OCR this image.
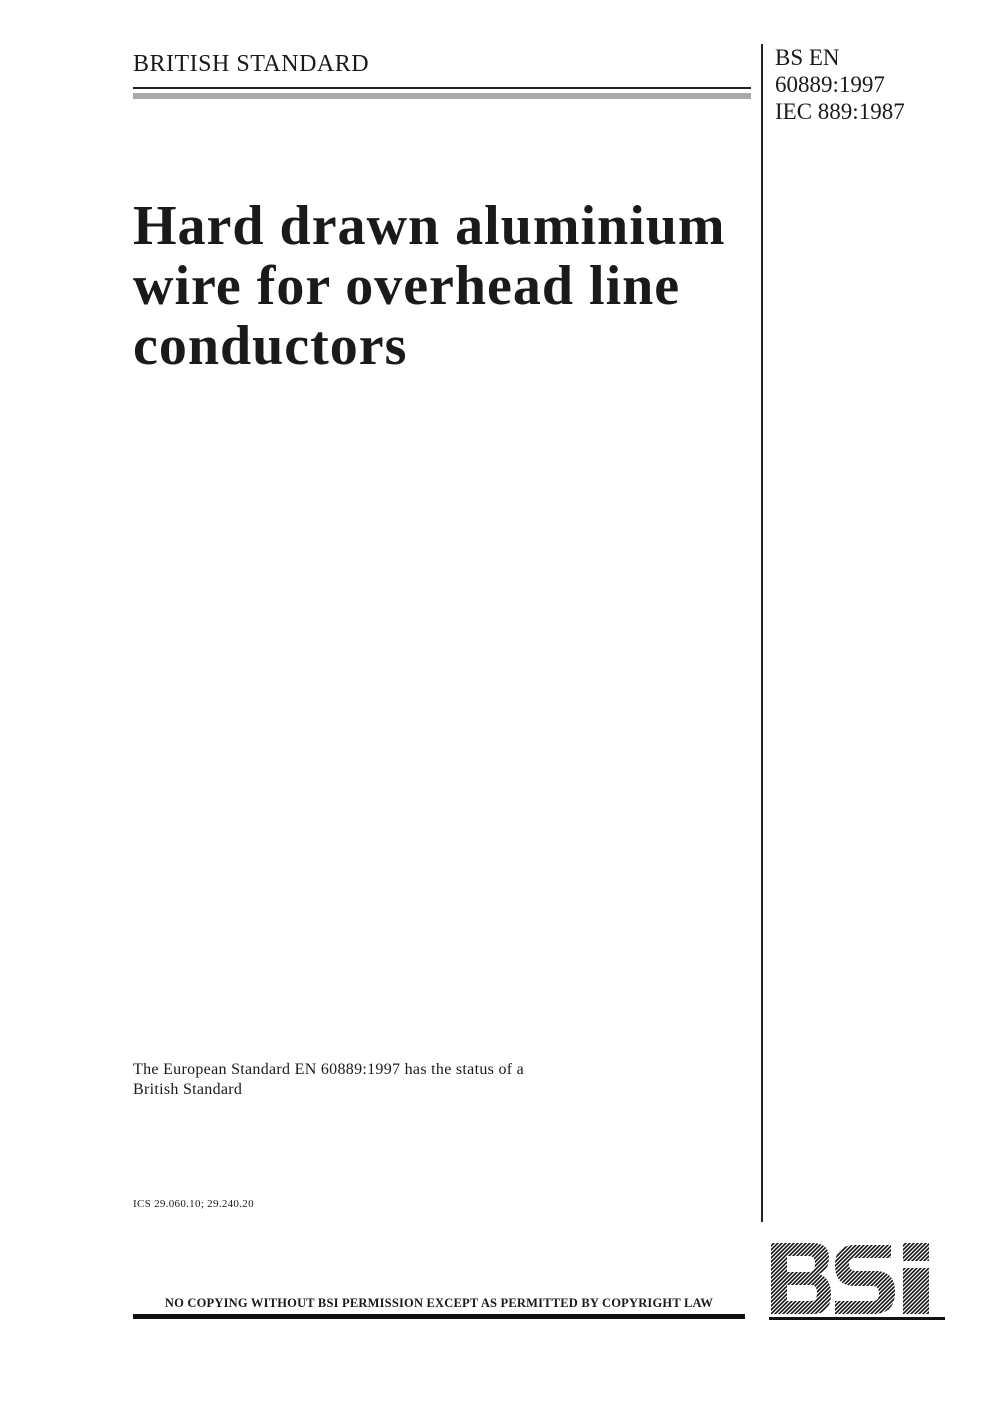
BRITISH STANDARD	BS EN
60889:1997
IEC 889:1987
Hard drawn aluminium
wire for overhead line
conductors
The European Standard EN 60889:1997 has the status of a
British Standard
ICS 29.060.10; 29.240.20
NO COPYING WITHOUT BSI PERMISSION EXCEPT AS PERMITTED BY COPYRIGHT LAW
